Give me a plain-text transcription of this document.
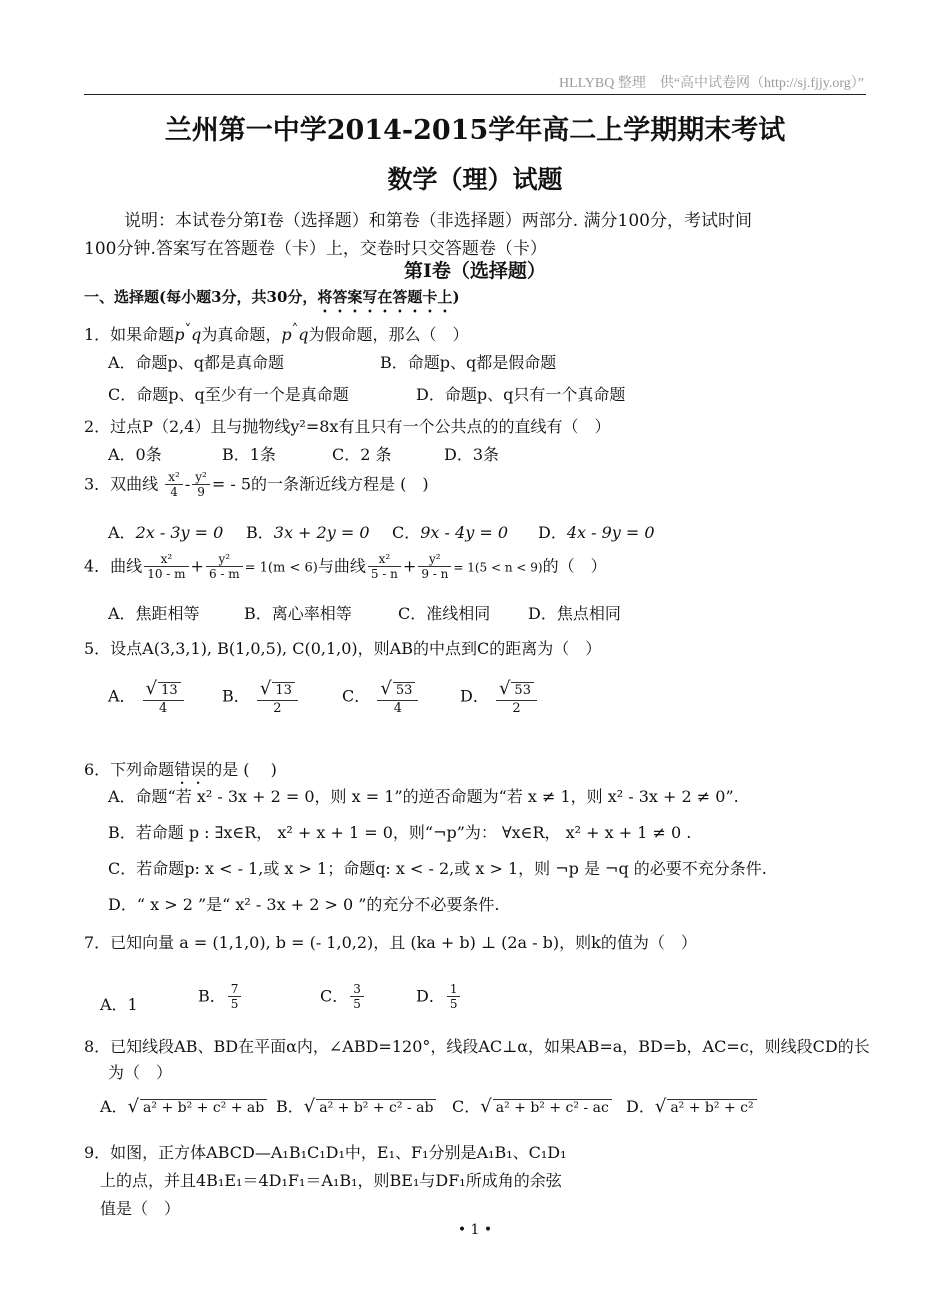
HLLYBQ 整理　供“高中试卷网（http://sj.fjjy.org）”
兰州第一中学2014-2015学年高二上学期期末考试
数学（理）试题
说明：本试卷分第I卷（选择题）和第卷（非选择题）两部分. 满分100分，考试时间
100分钟.答案写在答题卷（卡）上，交卷时只交答题卷（卡）
第I卷（选择题）
一、选择题(每小题3分，共30分，将答案写在答题卡上)
1．如果命题p˅q为真命题，p˄q为假命题，那么（　）
A．命题p、q都是真命题	B．命题p、q都是假命题
C．命题p、q至少有一个是真命题	D．命题p、q只有一个真命题
2．过点P（2,4）且与抛物线y²=8x有且只有一个公共点的的直线有（　）
A．0条	B．1条	C．2 条	D．3条
3．双曲线 $\frac{\text{x²}}{4} - \frac{\text{y²}}{9}$ = - 5的一条渐近线方程是 (　)
A．2x - 3y = 0 B．3x + 2y = 0 C．9x - 4y = 0 D．4x - 9y = 0
4．曲线 $\frac{\text{x²}}{10 - m} + \frac{\text{y²}}{6 - m} = 1(m < 6)$与曲线 $\frac{\text{x²}}{5 - n} + \frac{\text{y²}}{9 - n} = 1(5 < n < 9)$的（　）
A．焦距相等	B．离心率相等	C．准线相同 D．焦点相同
5．设点A(3,3,1), B(1,0,5), C(0,1,0)，则AB的中点到C的距离为（　）
A． $\frac{√ 13}{4}$ B． $\frac{√ 13}{2}$	C． $\frac{√ 53}{4}$	D． $\frac{√ 53}{2}$
6．下列命题错误的是 (　 )
A．命题“若 x² - 3x + 2 = 0，则 x = 1”的逆否命题为“若 x ≠ 1，则 x² - 3x + 2 ≠ 0”.
B．若命题 p : ∃x∈R， x² + x + 1 = 0，则“¬p”为： ∀x∈R， x² + x + 1 ≠ 0 .
C．若命题p: x < - 1,或 x > 1；命题q: x < - 2,或 x > 1，则 ¬p 是 ¬q 的必要不充分条件.
D．“ x > 2 ”是“ x² - 3x + 2 > 0 ”的充分不必要条件.
7．已知向量 a = (1,1,0), b = (- 1,0,2)，且 (ka + b) ⊥ (2a - b)，则k的值为（　）
A．1	B． $\frac{7}{5}$	C． $\frac{3}{5}$	D． $\frac{1}{5}$
8．已知线段AB、BD在平面α内，∠ABD=120°，线段AC⊥α，如果AB=a，BD=b，AC=c，则线段CD的长
为（　）
A．√ a² + b² + c² + ab B．√ a² + b² + c² - ab C．√ a² + b² + c² - ac D．√ a² + b² + c²
9．如图，正方体ABCD—A₁B₁C₁D₁中，E₁、F₁分别是A₁B₁、C₁D₁
上的点，并且4B₁E₁＝4D₁F₁＝A₁B₁，则BE₁与DF₁所成角的余弦
值是（　）
• 1 •
